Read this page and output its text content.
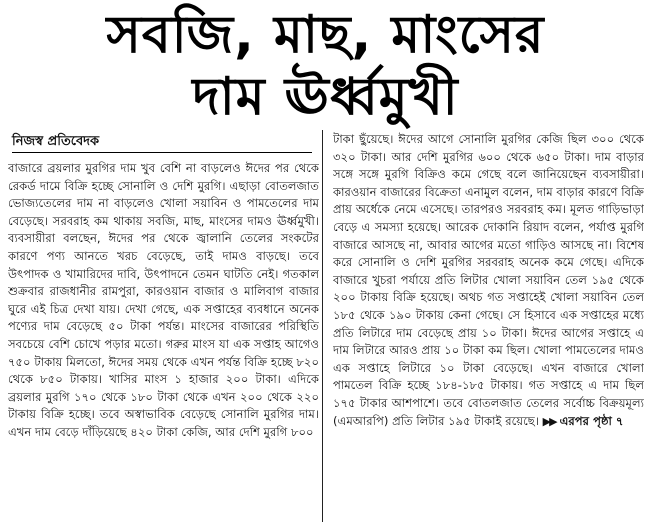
সবজি, মাছ, মাংসের
দাম ঊর্ধ্বমুখী
নিজস্ব প্রতিবেদক
বাজারে ব্রয়লার মুরগির দাম খুব বেশি না বাড়লেও ঈদের পর থেকে রেকর্ড দামে বিক্রি হচ্ছে সোনালি ও দেশি মুরগি। এছাড়া বোতলজাত ভোজ্যতেলের দাম না বাড়লেও খোলা সয়াবিন ও পামতেলের দাম বেড়েছে। সরবরাহ কম থাকায় সবজি, মাছ, মাংসের দামও ঊর্ধ্বমুখী। ব্যবসায়ীরা বলছেন, ঈদের পর থেকে জ্বালানি তেলের সংকটের কারণে পণ্য আনতে খরচ বেড়েছে, তাই দামও বাড়ছে। তবে উৎপাদক ও খামারিদের দাবি, উৎপাদনে তেমন ঘাটতি নেই। গতকাল শুক্রবার রাজধানীর রামপুরা, কারওয়ান বাজার ও মালিবাগ বাজার ঘুরে এই চিত্র দেখা যায়। দেখা গেছে, এক সপ্তাহের ব্যবধানে অনেক পণ্যের দাম বেড়েছে ৫০ টাকা পর্যন্ত। মাংসের বাজারের পরিস্থিতি সবচেয়ে বেশি চোখে পড়ার মতো। গরুর মাংস যা এক সপ্তাহ আগেও ৭৫০ টাকায় মিলতো, ঈদের সময় থেকে এখন পর্যন্ত বিক্রি হচ্ছে ৮২০ থেকে ৮৫০ টাকায়। খাসির মাংস ১ হাজার ২০০ টাকা। এদিকে ব্রয়লার মুরগি ১৭০ থেকে ১৮০ টাকা থেকে এখন ২০০ থেকে ২২০ টাকায় বিক্রি হচ্ছে। তবে অস্বাভাবিক বেড়েছে সোনালি মুরগির দাম। এখন দাম বেড়ে দাঁড়িয়েছে ৪২০ টাকা কেজি, আর দেশি মুরগি ৮০০
টাকা ছুঁয়েছে। ঈদের আগে সোনালি মুরগির কেজি ছিল ৩০০ থেকে ৩২০ টাকা। আর দেশি মুরগির ৬০০ থেকে ৬৫০ টাকা। দাম বাড়ার সঙ্গে সঙ্গে মুরগি বিক্রিও কমে গেছে বলে জানিয়েছেন ব্যবসায়ীরা। কারওয়ান বাজারের বিক্রেতা এনামুল বলেন, দাম বাড়ার কারণে বিক্রি প্রায় অর্ধেকে নেমে এসেছে। তারপরও সরবরাহ কম। মূলত গাড়িভাড়া বেড়ে এ সমস্যা হয়েছে। আরেক দোকানি রিয়াদ বলেন, পর্যাপ্ত মুরগি বাজারে আসছে না, আবার আগের মতো গাড়িও আসছে না। বিশেষ করে সোনালি ও দেশি মুরগির সরবরাহ অনেক কমে গেছে। এদিকে বাজারে খুচরা পর্যায়ে প্রতি লিটার খোলা সয়াবিন তেল ১৯৫ থেকে ২০০ টাকায় বিক্রি হয়েছে। অথচ গত সপ্তাহেই খোলা সয়াবিন তেল ১৮৫ থেকে ১৯০ টাকায় কেনা গেছে। সে হিসাবে এক সপ্তাহের মধ্যে প্রতি লিটারে দাম বেড়েছে প্রায় ১০ টাকা। ঈদের আগের সপ্তাহে এ দাম লিটারে আরও প্রায় ১০ টাকা কম ছিল। খোলা পামতেলের দামও এক সপ্তাহে লিটারে ১০ টাকা বেড়েছে। এখন বাজারে খোলা পামতেল বিক্রি হচ্ছে ১৮৪-১৮৫ টাকায়। গত সপ্তাহে এ দাম ছিল ১৭৫ টাকার আশপাশে। তবে বোতলজাত তেলের সর্বোচ্চ বিক্রয়মূল্য (এমআরপি) প্রতি লিটার ১৯৫ টাকাই রয়েছে। ▶▶ এরপর পৃষ্ঠা ৭
